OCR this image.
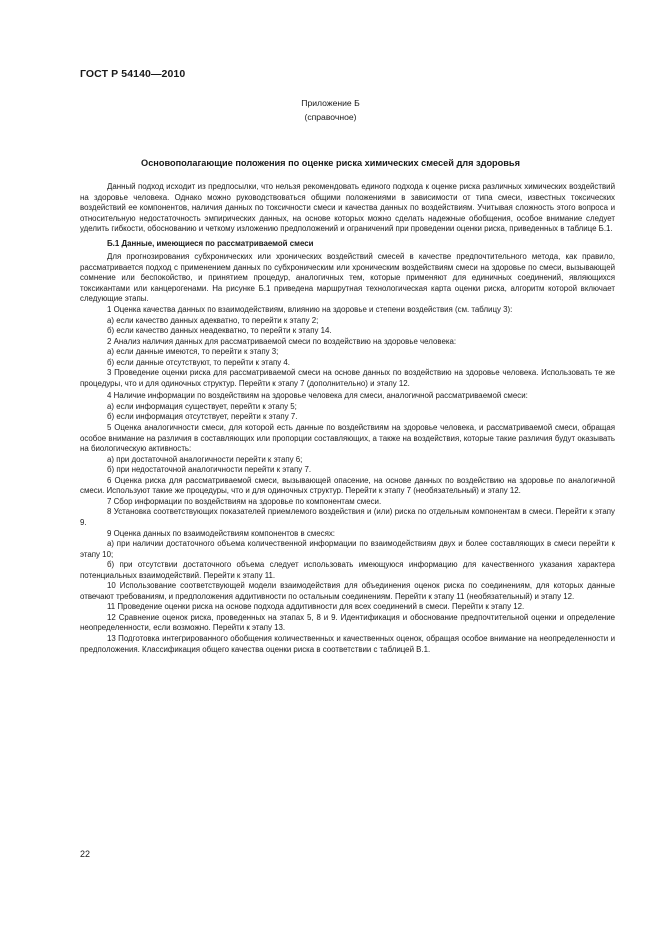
ГОСТ Р 54140—2010
Приложение Б
(справочное)
Основополагающие положения по оценке риска химических смесей для здоровья

Данный подход исходит из предпосылки, что нельзя рекомендовать единого подхода к оценке риска различных химических воздействий на здоровье человека. Однако можно руководствоваться общими положениями в зависимости от типа смеси, известных токсических воздействий ее компонентов, наличия данных по токсичности смеси и качества данных по воздействиям. Учитывая сложность этого вопроса и относительную недостаточность эмпирических данных, на основе которых можно сделать надежные обобщения, особое внимание следует уделить гибкости, обоснованию и четкому изложению предположений и ограничений при проведении оценки риска, приведенных в таблице Б.1.

Б.1 Данные, имеющиеся по рассматриваемой смеси

Для прогнозирования субхронических или хронических воздействий смесей в качестве предпочтительного метода, как правило, рассматривается подход с применением данных по субхроническим или хроническим воздействиям смеси на здоровье по смеси, вызывающей сомнение или беспокойство, и принятием процедур, аналогичных тем, которые применяют для единичных соединений, являющихся токсикантами или канцерогенами. На рисунке Б.1 приведена маршрутная технологическая карта оценки риска, алгоритм которой включает следующие этапы.

1 Оценка качества данных по взаимодействиям, влиянию на здоровье и степени воздействия (см. таблицу 3):

а) если качество данных адекватно, то перейти к этапу 2;

б) если качество данных неадекватно, то перейти к этапу 14.

2 Анализ наличия данных для рассматриваемой смеси по воздействию на здоровье человека:

а) если данные имеются, то перейти к этапу 3;

б) если данные отсутствуют, то перейти к этапу 4.

3 Проведение оценки риска для рассматриваемой смеси на основе данных по воздействию на здоровье человека. Использовать те же процедуры, что и для одиночных структур. Перейти к этапу 7 (дополнительно) и этапу 12.

4 Наличие информации по воздействиям на здоровье человека для смеси, аналогичной рассматриваемой смеси:

а) если информация существует, перейти к этапу 5;

б) если информация отсутствует, перейти к этапу 7.

5 Оценка аналогичности смеси, для которой есть данные по воздействиям на здоровье человека, и рассматриваемой смеси, обращая особое внимание на различия в составляющих или пропорции составляющих, а также на воздействия, которые такие различия будут оказывать на биологическую активность:

а) при достаточной аналогичности перейти к этапу 6;

б) при недостаточной аналогичности перейти к этапу 7.

6 Оценка риска для рассматриваемой смеси, вызывающей опасение, на основе данных по воздействию на здоровье по аналогичной смеси. Используют такие же процедуры, что и для одиночных структур. Перейти к этапу 7 (необязательный) и этапу 12.

7 Сбор информации по воздействиям на здоровье по компонентам смеси.

8 Установка соответствующих показателей приемлемого воздействия и (или) риска по отдельным компонентам в смеси. Перейти к этапу 9.

9 Оценка данных по взаимодействиям компонентов в смесях:

а) при наличии достаточного объема количественной информации по взаимодействиям двух и более составляющих в смеси перейти к этапу 10;

б) при отсутствии достаточного объема следует использовать имеющуюся информацию для качественного указания характера потенциальных взаимодействий. Перейти к этапу 11.

10 Использование соответствующей модели взаимодействия для объединения оценок риска по соединениям, для которых данные отвечают требованиям, и предположения аддитивности по остальным соединениям. Перейти к этапу 11 (необязательный) и этапу 12.

11 Проведение оценки риска на основе подхода аддитивности для всех соединений в смеси. Перейти к этапу 12.

12 Сравнение оценок риска, проведенных на этапах 5, 8 и 9. Идентификация и обоснование предпочтительной оценки и определение неопределенности, если возможно. Перейти к этапу 13.

13 Подготовка интегрированного обобщения количественных и качественных оценок, обращая особое внимание на неопределенности и предположения. Классификация общего качества оценки риска в соответствии с таблицей В.1.

22
